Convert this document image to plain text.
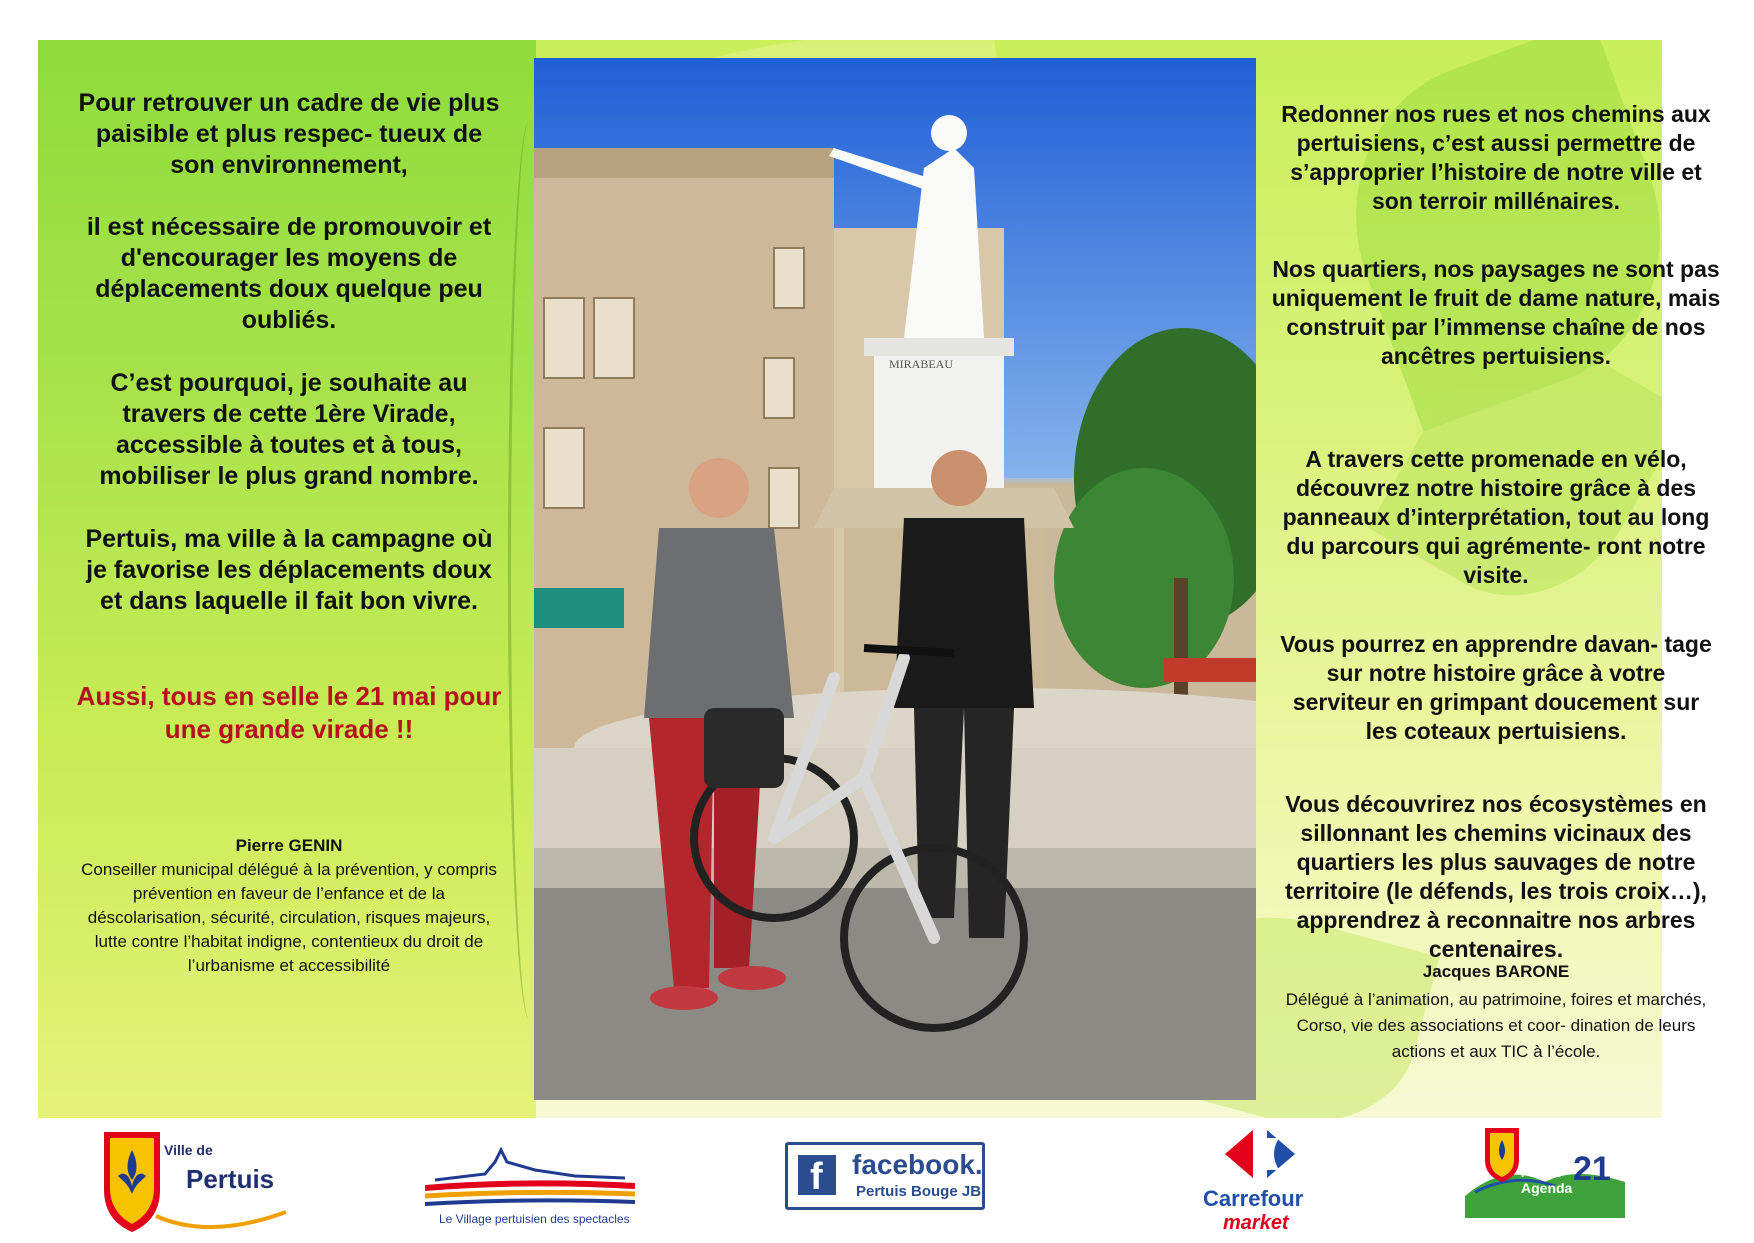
Pour retrouver un cadre de vie plus paisible et plus respec- tueux de son environnement,

il est nécessaire de promouvoir et d'encourager les moyens de déplacements doux quelque peu oubliés.

C’est pourquoi, je souhaite au travers de cette 1ère Virade, accessible à toutes et à tous, mobiliser le plus grand nombre.

Pertuis, ma ville à la campagne où je favorise les déplacements doux et dans laquelle il fait bon vivre.

Aussi, tous en selle le 21 mai pour une grande virade !!

Pierre GENIN

Conseiller municipal délégué à la prévention, y compris prévention en faveur de l’enfance et de la déscolarisation, sécurité, circulation, risques majeurs, lutte contre l’habitat indigne, contentieux du droit de l’urbanisme et accessibilité

MIRABEAU

Redonner nos rues et nos chemins aux pertuisiens, c’est aussi permettre de s’approprier l’histoire de notre ville et son terroir millénaires.

Nos quartiers, nos paysages ne sont pas uniquement le fruit de dame nature, mais construit par l’immense chaîne de nos ancêtres pertuisiens.

A travers cette promenade en vélo, découvrez notre histoire grâce à des panneaux d’interprétation, tout au long du parcours qui agrémente- ront notre visite.

Vous pourrez en apprendre davan- tage sur notre histoire grâce à votre serviteur en grimpant doucement sur les coteaux pertuisiens.

Vous découvrirez nos écosystèmes en sillonnant les chemins vicinaux des quartiers les plus sauvages de notre territoire (le défends, les trois croix…), apprendrez à reconnaitre nos arbres centenaires.

Jacques BARONE

Délégué à l’animation, au patrimoine, foires et marchés, Corso, vie des associations et coor- dination de leurs actions et aux TIC à l’école.

Ville de
Pertuis
Le Village pertuisien des spectacles
f facebook.
Pertuis Bouge JB	Carrefour
market
Pertuis
Agenda 21
